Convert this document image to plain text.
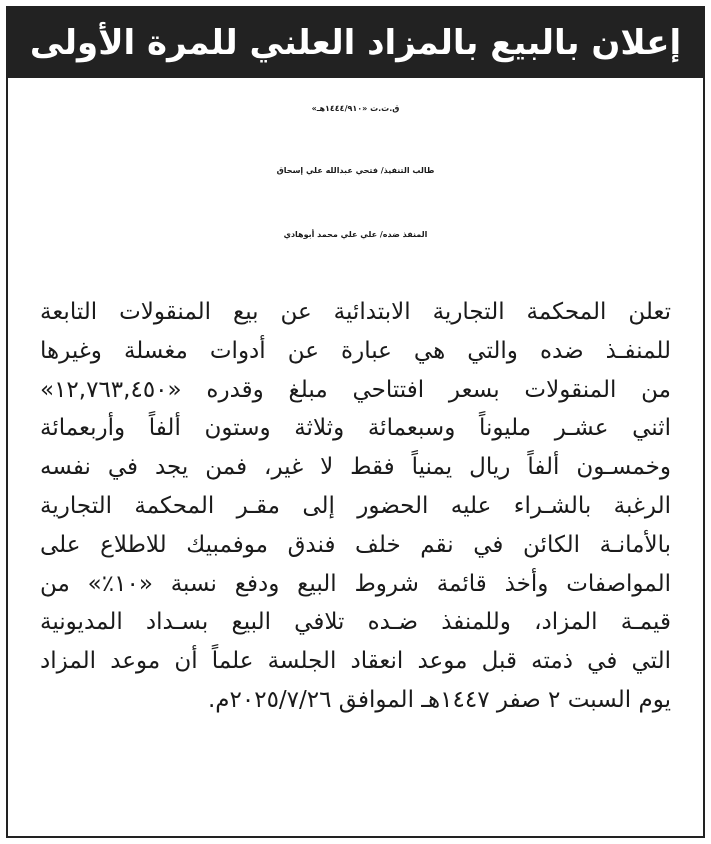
إعلان بالبيع بالمزاد العلني للمرة الأولى
ق.ت.ت «١٤٤٤/٩١٠هـ»
طالب التنفيذ/ فتحي عبدالله علي إسحاق
المنفذ ضده/ علي علي محمد أبوهادي
تعلن المحكمة التجارية الابتدائية عن بيع المنقولات التابعة
للمنفـذ ضده والتي هي عبارة عن أدوات مغسلة وغيرها
من المنقولات بسعر افتتاحي مبلغ وقدره «١٢,٧٦٣,٤٥٠»
اثني عشـر مليوناً وسبعمائة وثلاثة وستون ألفاً وأربعمائة
وخمسـون ألفاً ريال يمنياً فقط لا غير، فمن يجد في نفسه
الرغبة بالشـراء عليه الحضور إلى مقـر المحكمة التجارية
بالأمانـة الكائن في نقم خلف فندق موفمبيك للاطلاع على
المواصفات وأخذ قائمة شروط البيع ودفع نسبة «١٠٪» من
قيمـة المزاد، وللمنفذ ضـده تلافي البيع بسـداد المديونية
التي في ذمته قبل موعد انعقاد الجلسة علماً أن موعد المزاد
يوم السبت ٢ صفر ١٤٤٧هـ الموافق ٢٠٢٥/٧/٢٦م.
